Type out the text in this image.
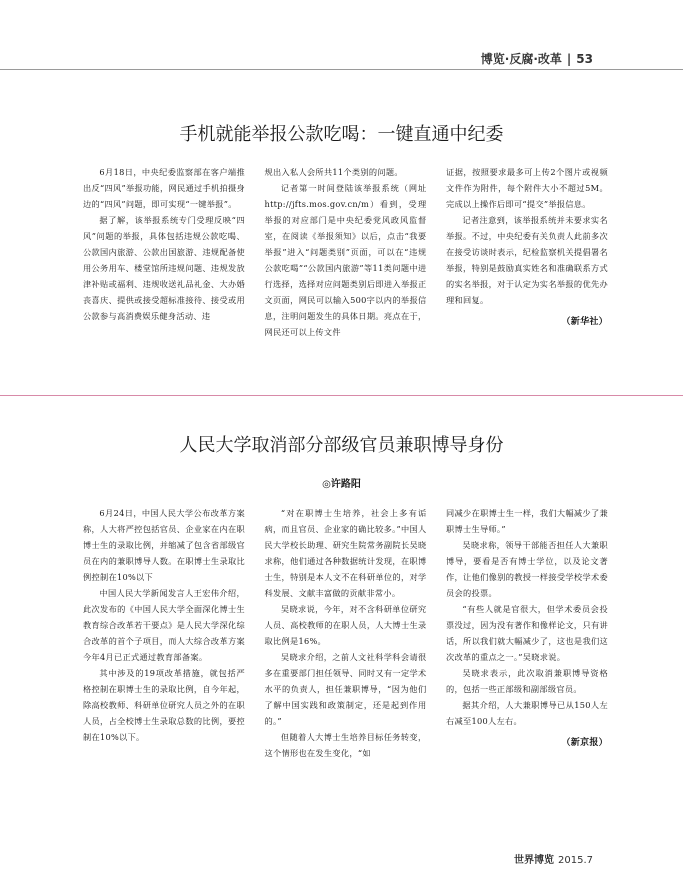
博览·反腐·改革 | 53
手机就能举报公款吃喝：一键直通中纪委

6月18日，中央纪委监察部在客户端推出反“四风”举报功能，网民通过手机拍摄身边的“四风”问题，即可实现“一键举报”。

据了解，该举报系统专门受理反映“四风”问题的举报，具体包括违规公款吃喝、公款国内旅游、公款出国旅游、违规配备使用公务用车、楼堂馆所违规问题、违规发放津补贴或福利、违规收送礼品礼金、大办婚丧喜庆、提供或接受超标准接待、接受或用公款参与高消费娱乐健身活动、违

规出入私人会所共11个类别的问题。

记者第一时间登陆该举报系统（网址http://jfts.mos.gov.cn/m）看到，受理举报的对应部门是中央纪委党风政风监督室，在阅读《举报须知》以后，点击“我要举报”进入“问题类别”页面，可以在“违规公款吃喝”“公款国内旅游”等11类问题中进行选择，选择对应问题类别后即进入举报正文页面，网民可以输入500字以内的举报信息，注明问题发生的具体日期。亮点在于，网民还可以上传文件

证据，按照要求最多可上传2个图片或视频文件作为附件，每个附件大小不超过5M。完成以上操作后即可“提交”举报信息。

记者注意到，该举报系统并未要求实名举报。不过，中央纪委有关负责人此前多次在接受访谈时表示，纪检监察机关提倡署名举报，特别是鼓励真实姓名和准确联系方式的实名举报，对于认定为实名举报的优先办理和回复。

（新华社）
人民大学取消部分部级官员兼职博导身份
◎许路阳

6月24日，中国人民大学公布改革方案称，人大将严控包括官员、企业家在内在职博士生的录取比例，并缩减了包含省部级官员在内的兼职博导人数。在职博士生录取比例控制在10%以下

中国人民大学新闻发言人王宏伟介绍，此次发布的《中国人民大学全面深化博士生教育综合改革若干要点》是人民大学深化综合改革的首个子项目，而人大综合改革方案今年4月已正式通过教育部备案。

其中涉及的19项改革措施，就包括严格控制在职博士生的录取比例，自今年起，除高校教师、科研单位研究人员之外的在职人员，占全校博士生录取总数的比例，要控制在10%以下。

“对在职博士生培养，社会上多有诟病，而且官员、企业家的确比较多。”中国人民大学校长助理、研究生院常务副院长吴晓求称，他们通过各种数据统计发现，在职博士生，特别是本人文不在科研单位的，对学科发展、文献丰富做的贡献非常小。

吴晓求说，今年，对不含科研单位研究人员、高校教师的在职人员，人大博士生录取比例是16%。

吴晓求介绍，之前人文社科学科会请很多在重要部门担任领导、同时又有一定学术水平的负责人，担任兼职博导，“因为他们了解中国实践和政策制定，还是起到作用的。”

但随着人大博士生培养目标任务转变，这个情形也在发生变化，“如

同减少在职博士生一样，我们大幅减少了兼职博士生导师。”

吴晓求称，领导干部能否担任人大兼职博导，要看是否有博士学位，以及论文著作，让他们像别的教授一样接受学校学术委员会的投票。

“有些人就是官很大，但学术委员会投票没过，因为没有著作和像样论文，只有讲话，所以我们就大幅减少了，这也是我们这次改革的重点之一。”吴晓求说。

吴晓求表示，此次取消兼职博导资格的，包括一些正部级和副部级官员。

据其介绍，人大兼职博导已从150人左右减至100人左右。

（新京报）
世界博览 2015.7
